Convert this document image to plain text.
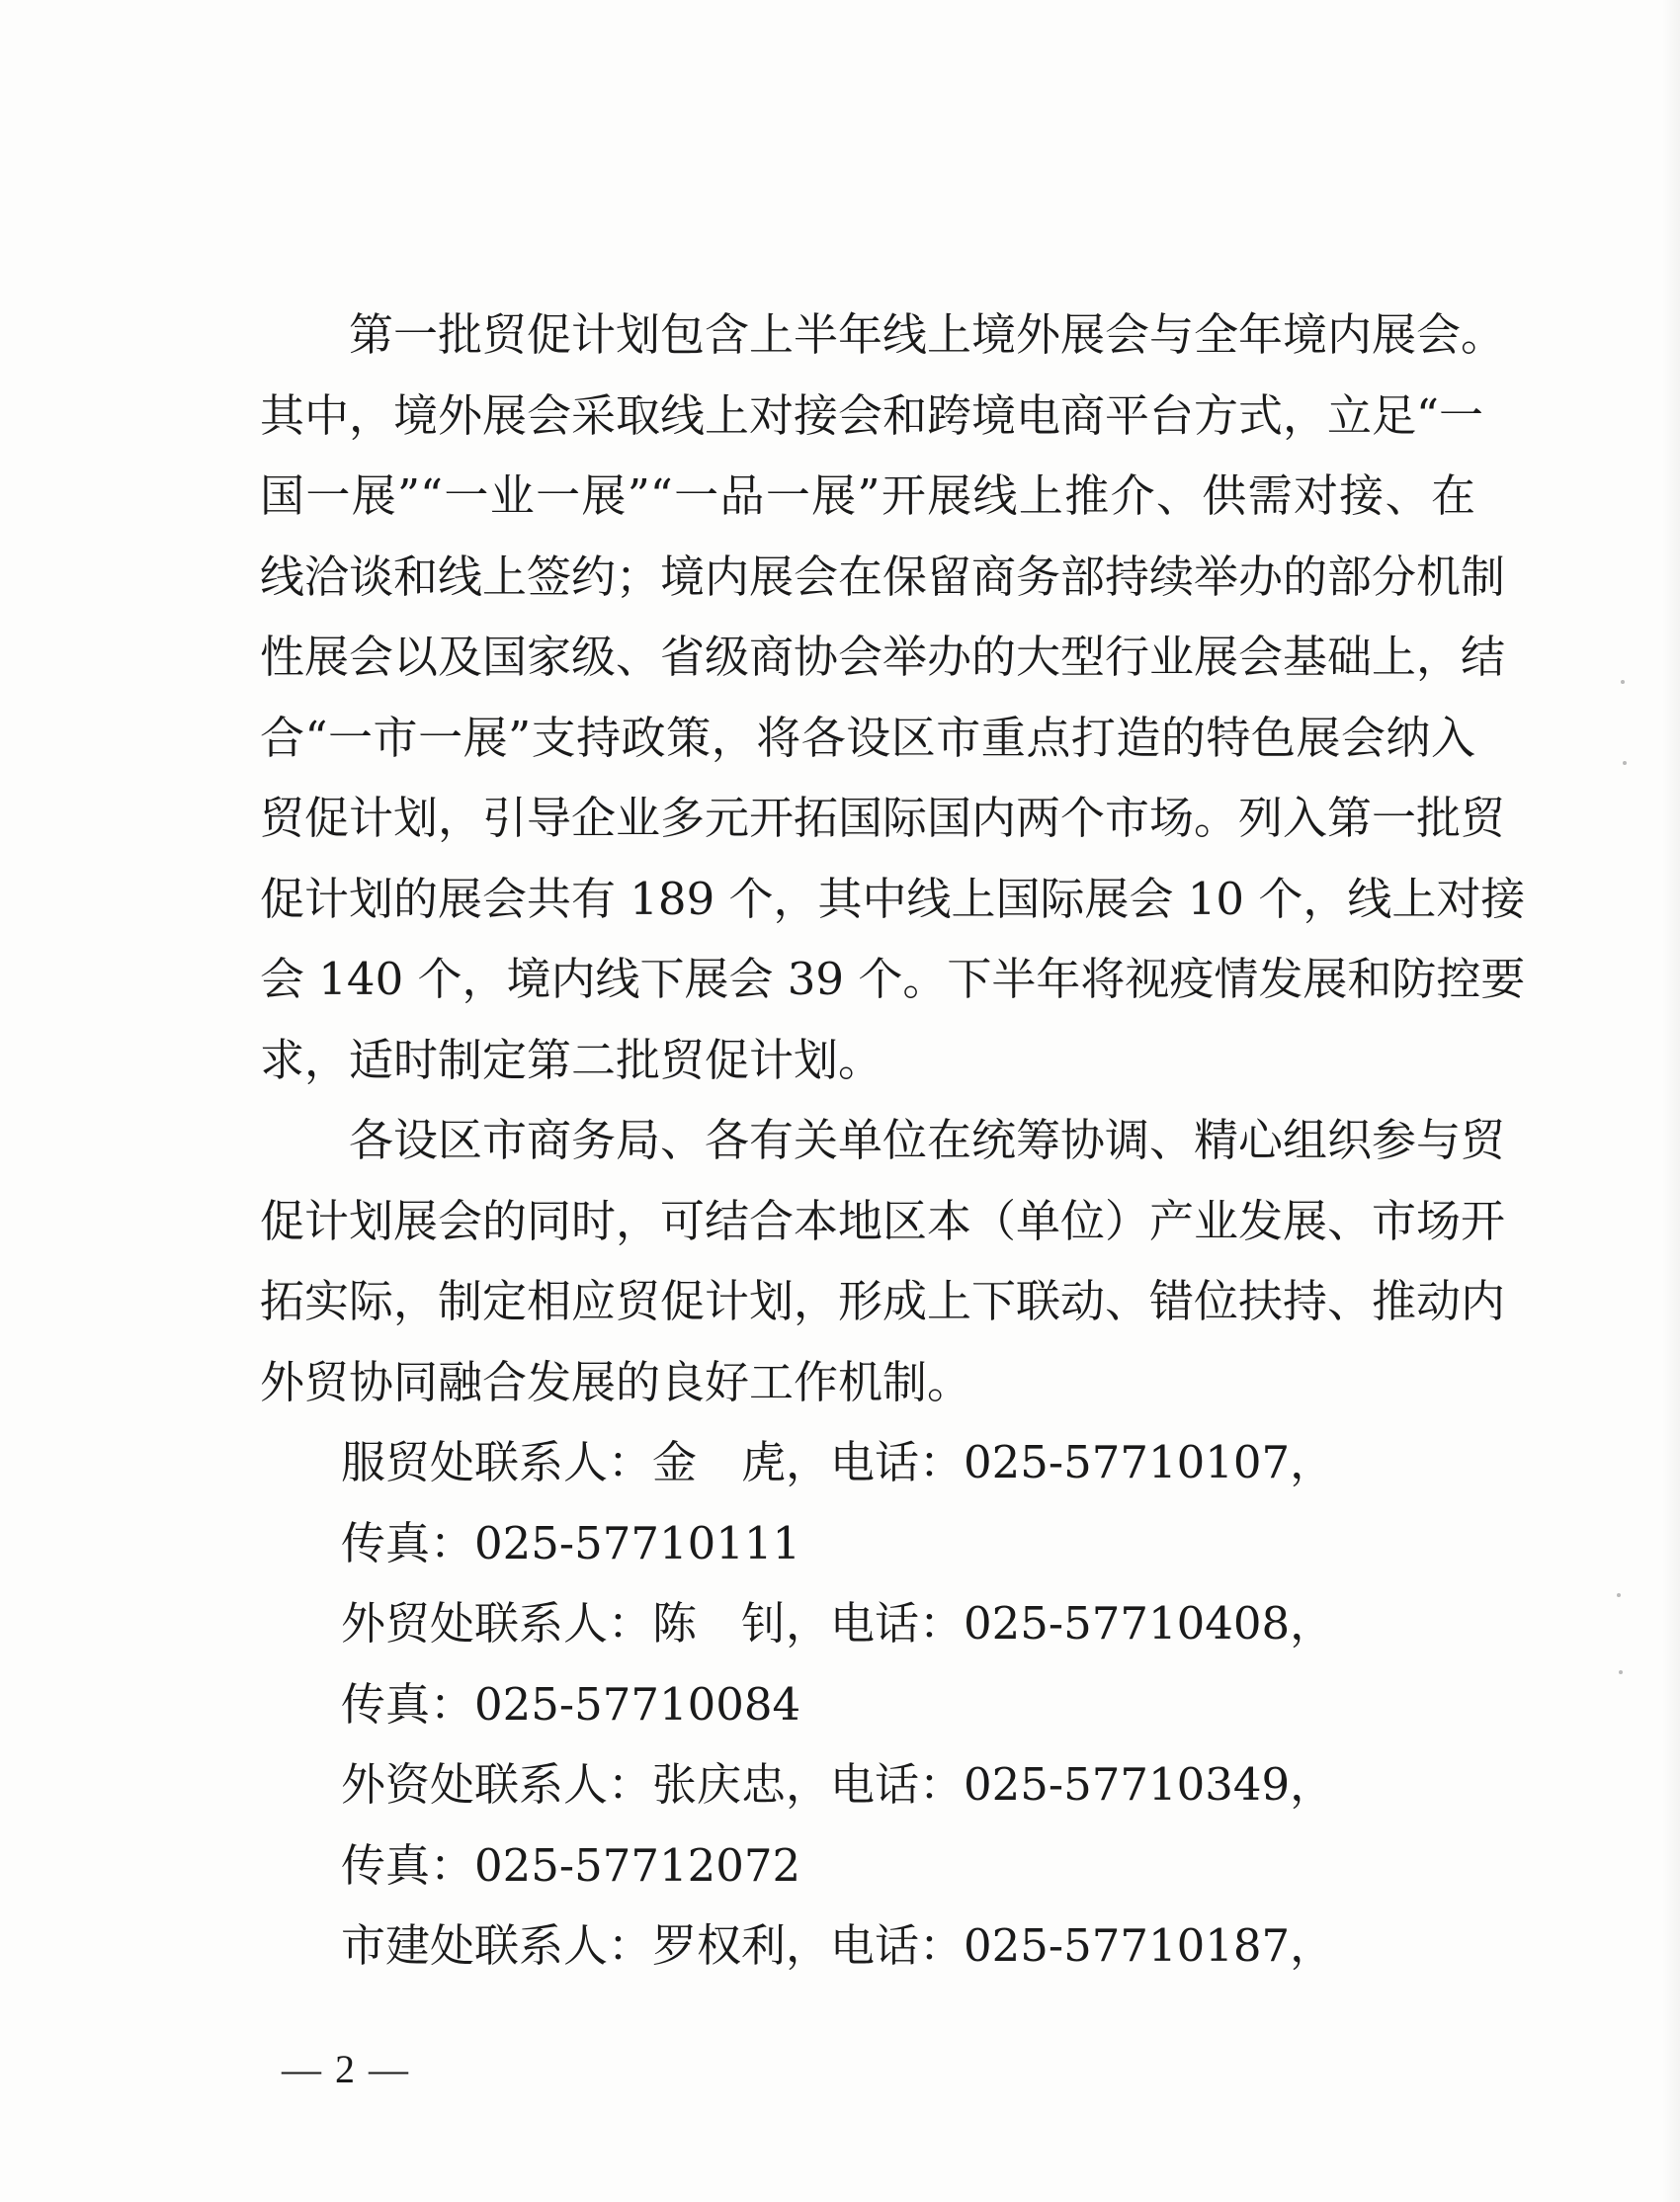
第一批贸促计划包含上半年线上境外展会与全年境内展会。
其中，境外展会采取线上对接会和跨境电商平台方式，立足“一
国一展”“一业一展”“一品一展”开展线上推介、供需对接、在
线洽谈和线上签约；境内展会在保留商务部持续举办的部分机制
性展会以及国家级、省级商协会举办的大型行业展会基础上，结
合“一市一展”支持政策，将各设区市重点打造的特色展会纳入
贸促计划，引导企业多元开拓国际国内两个市场。列入第一批贸
促计划的展会共有 189 个，其中线上国际展会 10 个，线上对接
会 140 个，境内线下展会 39 个。下半年将视疫情发展和防控要
求，适时制定第二批贸促计划。
各设区市商务局、各有关单位在统筹协调、精心组织参与贸
促计划展会的同时，可结合本地区本（单位）产业发展、市场开
拓实际，制定相应贸促计划，形成上下联动、错位扶持、推动内
外贸协同融合发展的良好工作机制。
服贸处联系人：金　虎，电话：025-57710107，
传真：025-57710111
外贸处联系人：陈　钊，电话：025-57710408，
传真：025-57710084
外资处联系人：张庆忠，电话：025-57710349，
传真：025-57712072
市建处联系人：罗权利，电话：025-57710187，
— 2 —
